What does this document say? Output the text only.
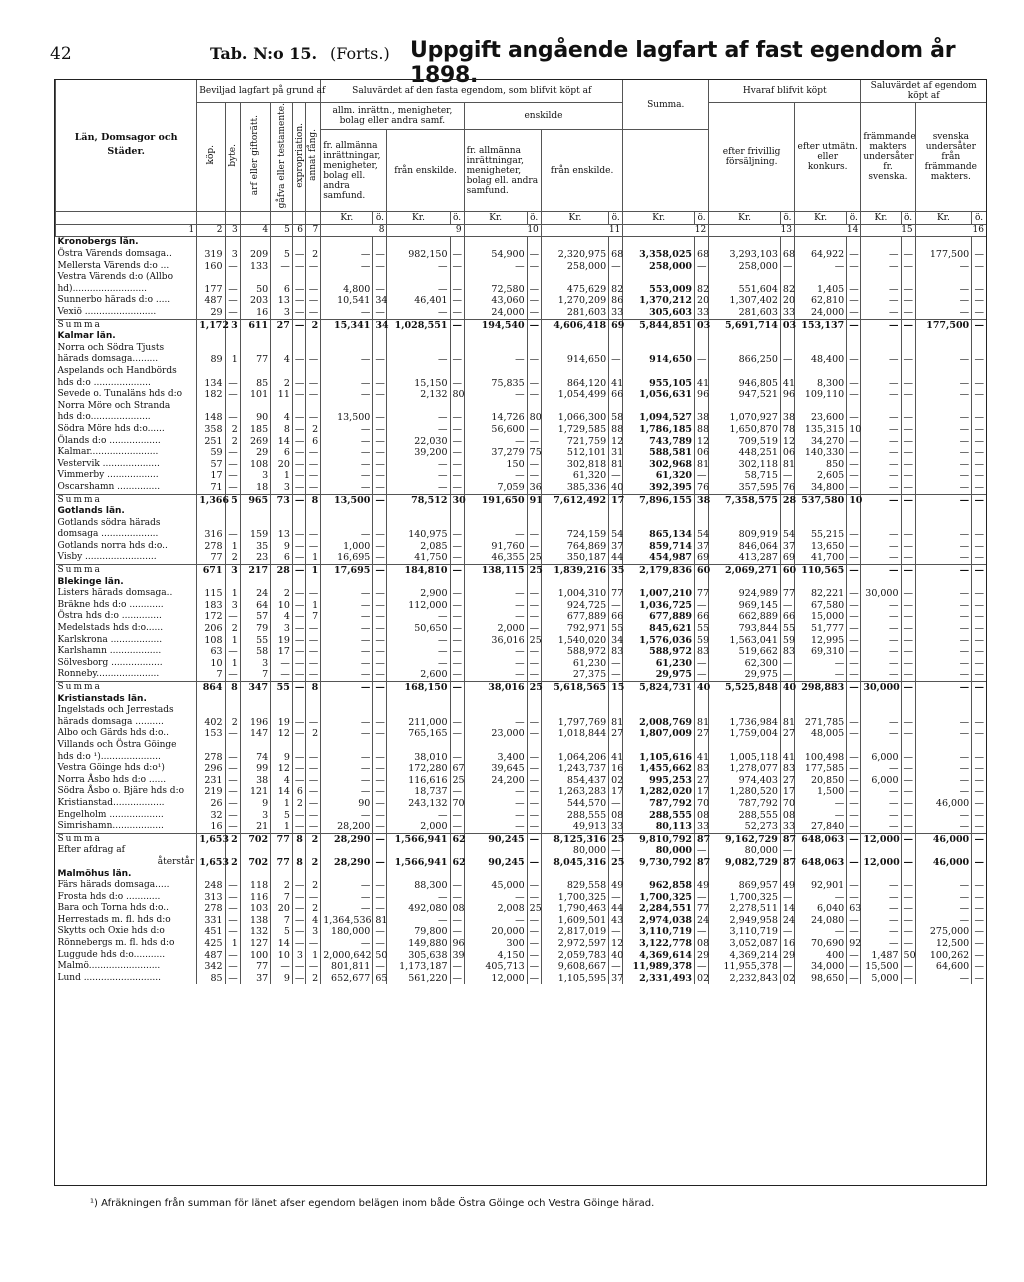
42	Tab. N:o 15. (Forts.) Uppgift angående lagfart af fast egendom år 1898.
Län, Domsagor och Städer.	Beviljad lagfart på grund af						Saluvärdet af den fasta egendom, som blifvit köpt af								Summa.		Hvaraf blifvit köpt				Saluvärdet af egendom köpt af			
	köp.	byte.	arf eller giftorätt.	gåfva eller testamente.	expropriation.	annat fång.	allm. inrättn., menigheter, bolag eller andra samf.				enskilde						efter frivillig försäljning.		efter utmätn. eller konkurs.		främmande makters undersåter fr. svenska.		svenska undersåter från främmande makters.	
							fr. allmänna inrättningar, menigheter, bolag ell. andra samfund.		från enskilde.		fr. allmänna inrättningar, menigheter, bolag ell. andra samfund.		från enskilde.											
							Kr.	ö.	Kr.	ö.	Kr.	ö.	Kr.	ö.	Kr.	ö.	Kr.	ö.	Kr.	ö.	Kr.	ö.	Kr.	ö.
1	2	3	4	5	6	7	8		9		10		11		12		13		14		15		16	
Kronobergs län.																								
Östra Värends domsaga..	319	3	209	5	—	2	—	—	982,150	—	54,900	—	2,320,975	68	3,358,025	68	3,293,103	68	64,922	—	—	—	177,500	—
Mellersta Värends d:o ...	160	—	133	—	—	—	—	—	—	—	—	—	258,000	—	258,000	—	258,000	—	—	—	—	—	—	—
Vestra Värends d:o (Allbo																								
hd)..........................	177	—	50	6	—	—	4,800	—	—	—	72,580	—	475,629	82	553,009	82	551,604	82	1,405	—	—	—	—	—
Sunnerbo härads d:o .....	487	—	203	13	—	—	10,541	34	46,401	—	43,060	—	1,270,209	86	1,370,212	20	1,307,402	20	62,810	—	—	—	—	—
Vexiö .........................	29	—	16	3	—	—	—	—	—	—	24,000	—	281,603	33	305,603	33	281,603	33	24,000	—	—	—	—	—
Summa	1,172	3	611	27	—	2	15,341	34	1,028,551	—	194,540	—	4,606,418	69	5,844,851	03	5,691,714	03	153,137	—	—	—	177,500	—
Kalmar län.																								
Norra och Södra Tjusts																								
härads domsaga.........	89	1	77	4	—	—	—	—	—	—	—	—	914,650	—	914,650	—	866,250	—	48,400	—	—	—	—	—
Aspelands och Handbörds																								
hds d:o ....................	134	—	85	2	—	—	—	—	15,150	—	75,835	—	864,120	41	955,105	41	946,805	41	8,300	—	—	—	—	—
Sevede o. Tunaläns hds d:o	182	—	101	11	—	—	—	—	2,132	80	—	—	1,054,499	66	1,056,631	96	947,521	96	109,110	—	—	—	—	—
Norra Möre och Stranda																								
hds d:o.....................	148	—	90	4	—	—	13,500	—	—	—	14,726	80	1,066,300	58	1,094,527	38	1,070,927	38	23,600	—	—	—	—	—
Södra Möre hds d:o......	358	2	185	8	—	2	—	—	—	—	56,600	—	1,729,585	88	1,786,185	88	1,650,870	78	135,315	10	—	—	—	—
Ölands d:o ..................	251	2	269	14	—	6	—	—	22,030	—	—	—	721,759	12	743,789	12	709,519	12	34,270	—	—	—	—	—
Kalmar........................	59	—	29	6	—	—	—	—	39,200	—	37,279	75	512,101	31	588,581	06	448,251	06	140,330	—	—	—	—	—
Vestervik ....................	57	—	108	20	—	—	—	—	—	—	150	—	302,818	81	302,968	81	302,118	81	850	—	—	—	—	—
Vimmerby ..................	17	—	3	1	—	—	—	—	—	—	—	—	61,320	—	61,320	—	58,715	—	2,605	—	—	—	—	—
Oscarshamn ...............	71	—	18	3	—	—	—	—	—	—	7,059	36	385,336	40	392,395	76	357,595	76	34,800	—	—	—	—	—
Summa	1,366	5	965	73	—	8	13,500	—	78,512	30	191,650	91	7,612,492	17	7,896,155	38	7,358,575	28	537,580	10	—	—	—	—
Gotlands län.																								
Gotlands södra härads																								
domsaga ....................	316	—	159	13	—	—	—	—	140,975	—	—	—	724,159	54	865,134	54	809,919	54	55,215	—	—	—	—	—
Gotlands norra hds d:o..	278	1	35	9	—	—	1,000	—	2,085	—	91,760	—	764,869	37	859,714	37	846,064	37	13,650	—	—	—	—	—
Visby .........................	77	2	23	6	—	1	16,695	—	41,750	—	46,355	25	350,187	44	454,987	69	413,287	69	41,700	—	—	—	—	—
Summa	671	3	217	28	—	1	17,695	—	184,810	—	138,115	25	1,839,216	35	2,179,836	60	2,069,271	60	110,565	—	—	—	—	—
Blekinge län.																								
Listers härads domsaga..	115	1	24	2	—	—	—	—	2,900	—	—	—	1,004,310	77	1,007,210	77	924,989	77	82,221	—	30,000	—	—	—
Bräkne hds d:o ............	183	3	64	10	—	1	—	—	112,000	—	—	—	924,725	—	1,036,725	—	969,145	—	67,580	—	—	—	—	—
Östra hds d:o ..............	172	—	57	4	—	7	—	—	—	—	—	—	677,889	66	677,889	66	662,889	66	15,000	—	—	—	—	—
Medelstads hds d:o......	206	2	79	3	—	—	—	—	50,650	—	2,000	—	792,971	55	845,621	55	793,844	55	51,777	—	—	—	—	—
Karlskrona ..................	108	1	55	19	—	—	—	—	—	—	36,016	25	1,540,020	34	1,576,036	59	1,563,041	59	12,995	—	—	—	—	—
Karlshamn ..................	63	—	58	17	—	—	—	—	—	—	—	—	588,972	83	588,972	83	519,662	83	69,310	—	—	—	—	—
Sölvesborg ..................	10	1	3	—	—	—	—	—	—	—	—	—	61,230	—	61,230	—	62,300	—	—	—	—	—	—	—
Ronneby......................	7	—	7	—	—	—	—	—	2,600	—	—	—	27,375	—	29,975	—	29,975	—	—	—	—	—	—	—
Summa	864	8	347	55	—	8	—	—	168,150	—	38,016	25	5,618,565	15	5,824,731	40	5,525,848	40	298,883	—	30,000	—	—	—
Kristianstads län.																								
Ingelstads och Jerrestads																								
härads domsaga ..........	402	2	196	19	—	—	—	—	211,000	—	—	—	1,797,769	81	2,008,769	81	1,736,984	81	271,785	—	—	—	—	—
Albo och Gärds hds d:o..	153	—	147	12	—	2	—	—	765,165	—	23,000	—	1,018,844	27	1,807,009	27	1,759,004	27	48,005	—	—	—	—	—
Villands och Östra Göinge																								
hds d:o ¹).....................	278	—	74	9	—	—	—	—	38,010	—	3,400	—	1,064,206	41	1,105,616	41	1,005,118	41	100,498	—	6,000	—	—	—
Vestra Göinge hds d:o¹)	296	—	99	12	—	—	—	—	172,280	67	39,645	—	1,243,737	16	1,455,662	83	1,278,077	83	177,585	—	—	—	—	—
Norra Åsbo hds d:o ......	231	—	38	4	—	—	—	—	116,616	25	24,200	—	854,437	02	995,253	27	974,403	27	20,850	—	6,000	—	—	—
Södra Åsbo o. Bjäre hds d:o	219	—	121	14	6	—	—	—	18,737	—	—	—	1,263,283	17	1,282,020	17	1,280,520	17	1,500	—	—	—	—	—
Kristianstad..................	26	—	9	1	2	—	90	—	243,132	70	—	—	544,570	—	787,792	70	787,792	70	—	—	—	—	46,000	—
Engelholm ...................	32	—	3	5	—	—	—	—	—	—	—	—	288,555	08	288,555	08	288,555	08	—	—	—	—	—	—
Simrishamn..................	16	—	21	1	—	—	28,200	—	2,000	—	—	—	49,913	33	80,113	33	52,273	33	27,840	—	—	—	—	—
Summa	1,653	2	702	77	8	2	28,290	—	1,566,941	62	90,245	—	8,125,316	25	9,810,792	87	9,162,729	87	648,063	—	12,000	—	46,000	—
Efter afdrag af													80,000	—	80,000	—	80,000	—						
återstår	1,653	2	702	77	8	2	28,290	—	1,566,941	62	90,245	—	8,045,316	25	9,730,792	87	9,082,729	87	648,063	—	12,000	—	46,000	—
Malmöhus län.																								
Färs härads domsaga.....	248	—	118	2	—	2	—	—	88,300	—	45,000	—	829,558	49	962,858	49	869,957	49	92,901	—	—	—	—	—
Frosta hds d:o ............	313	—	116	7	—	—	—	—	—	—	—	—	1,700,325	—	1,700,325	—	1,700,325	—	—	—	—	—	—	—
Bara och Torna hds d:o..	278	—	103	20	—	2	—	—	492,080	08	2,008	25	1,790,463	44	2,284,551	77	2,278,511	14	6,040	63	—	—	—	—
Herrestads m. fl. hds d:o	331	—	138	7	—	4	1,364,536	81	—	—	—	—	1,609,501	43	2,974,038	24	2,949,958	24	24,080	—	—	—	—	—
Skytts och Oxie hds d:o	451	—	132	5	—	3	180,000	—	79,800	—	20,000	—	2,817,019	—	3,110,719	—	3,110,719	—	—	—	—	—	275,000	—
Rönnebergs m. fl. hds d:o	425	1	127	14	—	—	—	—	149,880	96	300	—	2,972,597	12	3,122,778	08	3,052,087	16	70,690	92	—	—	12,500	—
Luggude hds d:o...........	487	—	100	10	3	1	2,000,642	50	305,638	39	4,150	—	2,059,783	40	4,369,614	29	4,369,214	29	400	—	1,487	50	100,262	—
Malmö.........................	342	—	77	—	—	—	801,811	—	1,173,187	—	405,713	—	9,608,667	—	11,989,378	—	11,955,378	—	34,000	—	15,500	—	64,600	—
Lund ...........................	85	—	37	9	—	2	652,677	65	561,220	—	12,000	—	1,105,595	37	2,331,493	02	2,232,843	02	98,650	—	5,000	—	—	—
¹) Afräkningen från summan för länet afser egendom belägen inom både Östra Göinge och Vestra Göinge härad.
